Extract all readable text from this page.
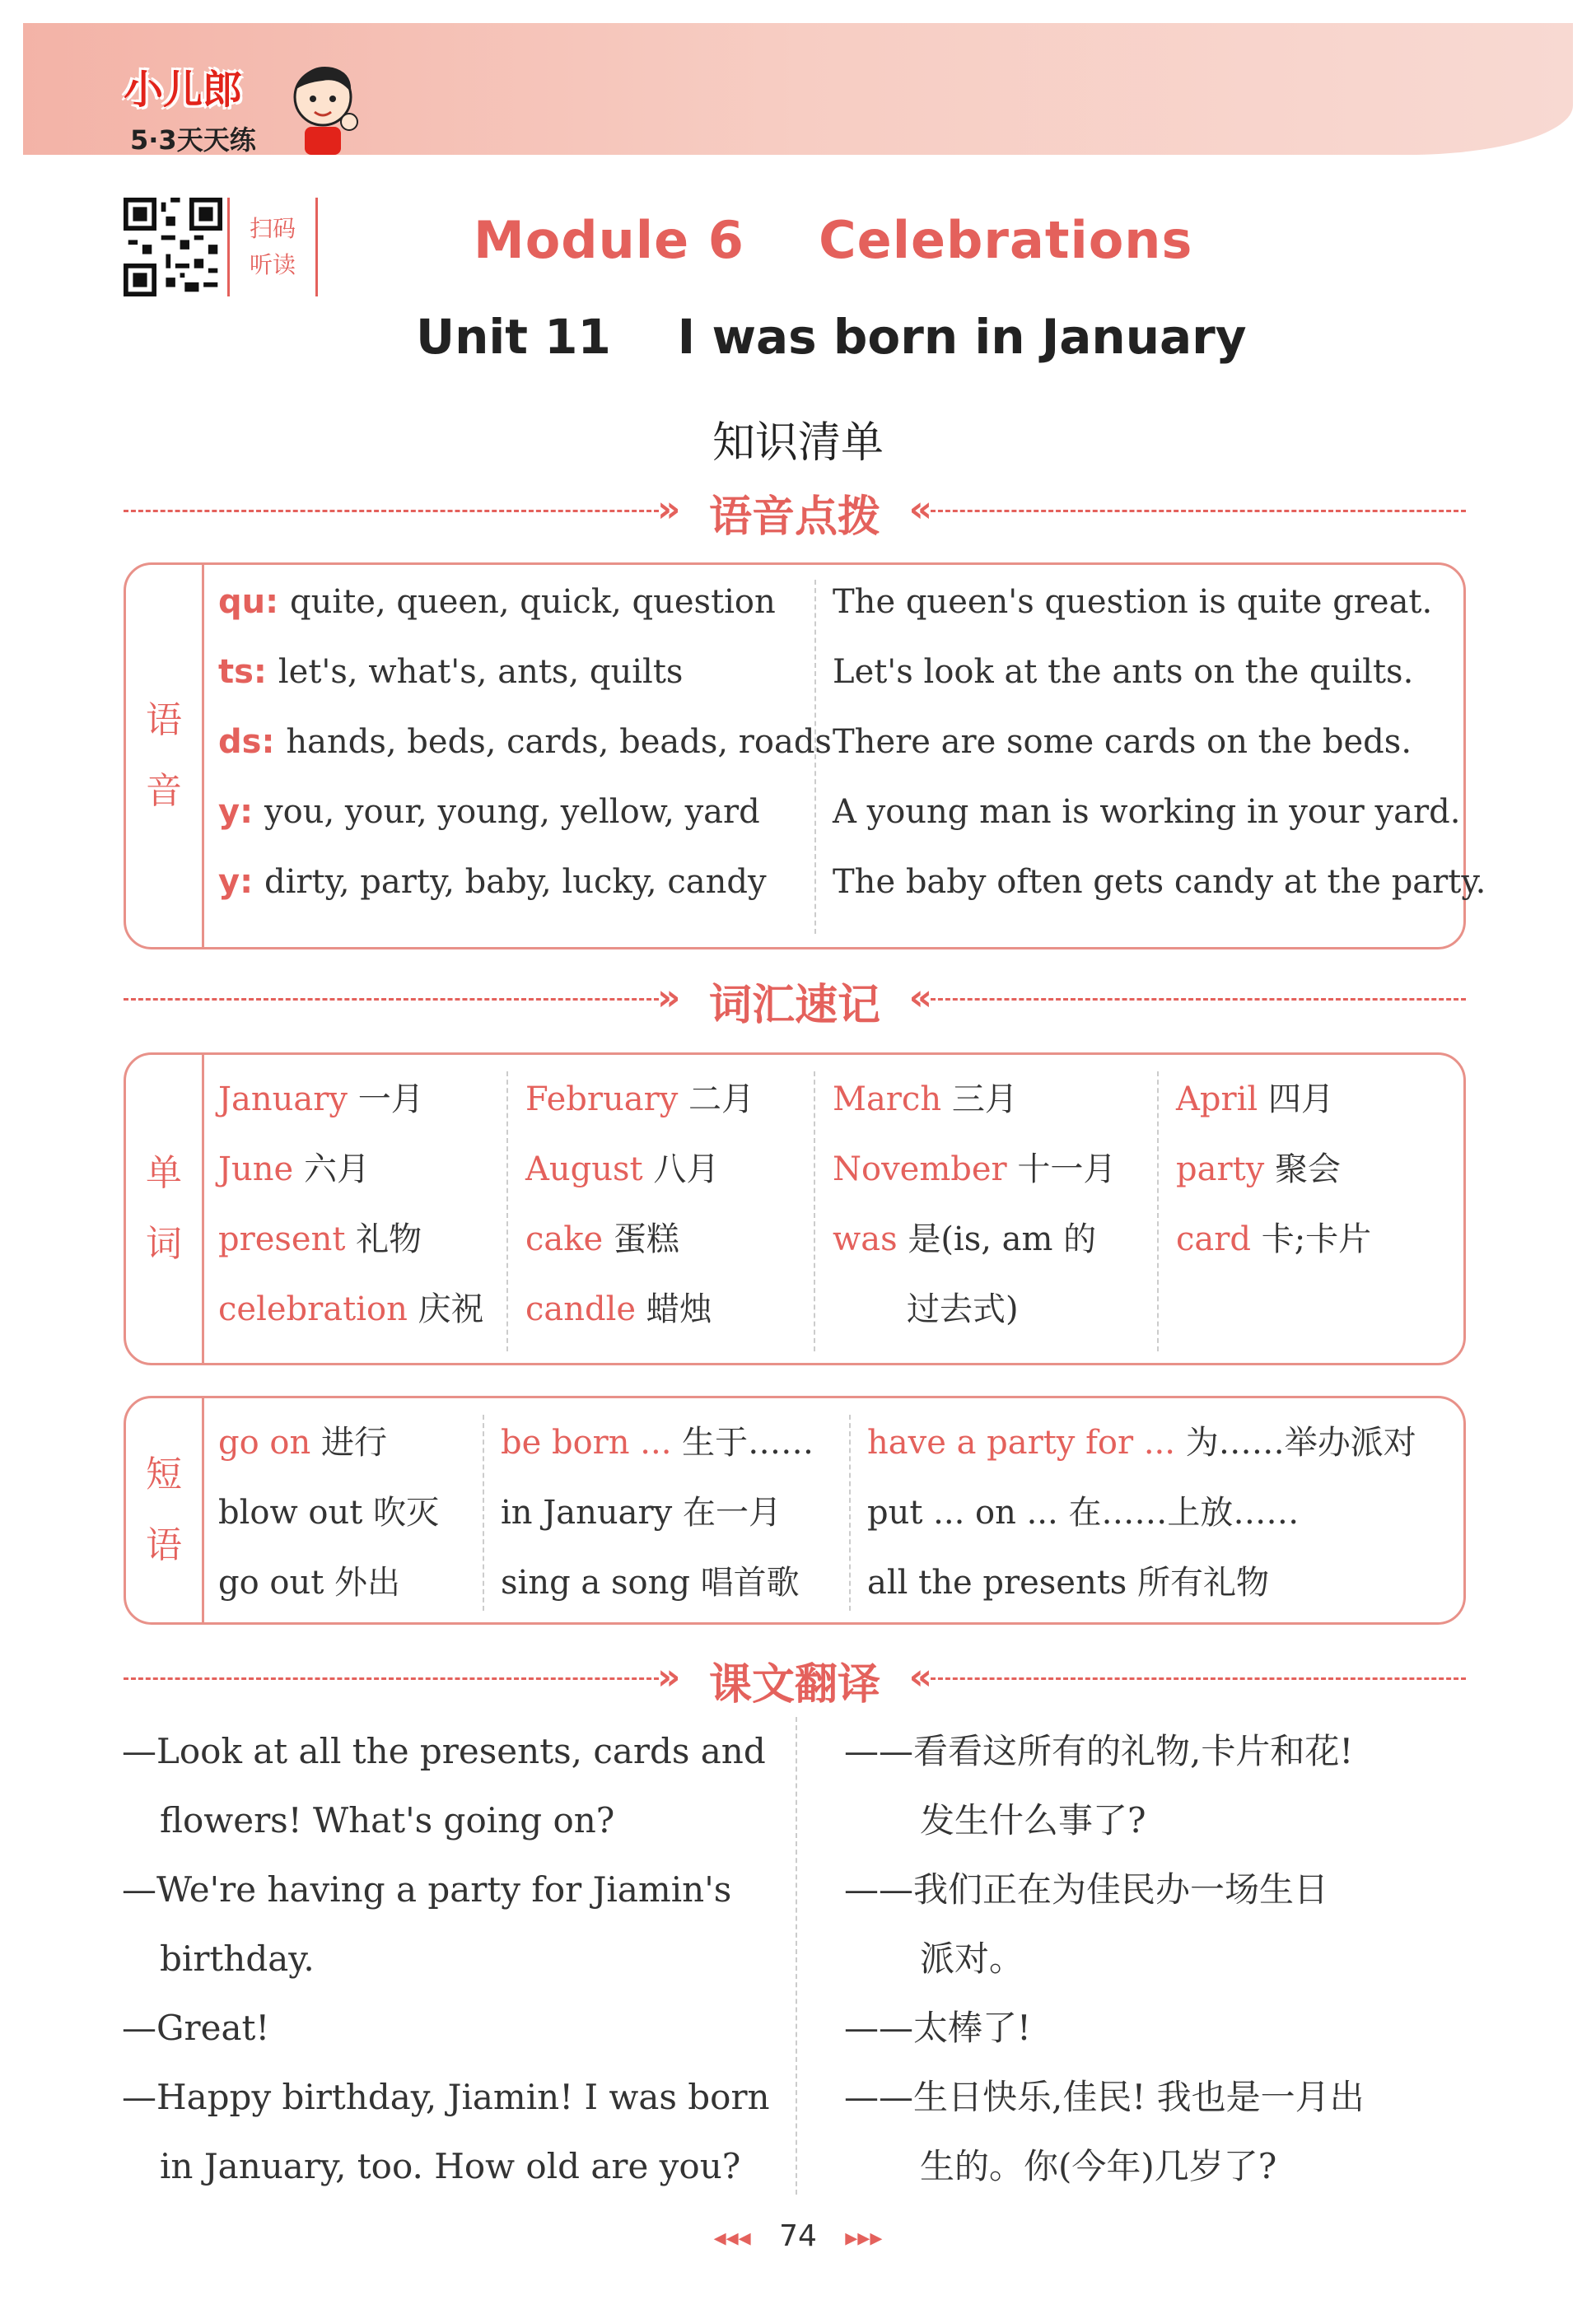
小儿郎
5·3天天练
扫码
听读	Module 6    Celebrations
Unit 11    I was born in January
知识清单
» 语音点拨 «
语
音
qu: quite, queen, quick, question The queen's question is quite great.
ts: let's, what's, ants, quilts	Let's look at the ants on the quilts.
ds: hands, beds, cards, beads, roads There are some cards on the beds.
y: you, your, young, yellow, yard A young man is working in your yard.
y: dirty, party, baby, lucky, candy The baby often gets candy at the party.
» 词汇速记 «
单
词
January 一月
June 六月
present 礼物
celebration 庆祝
February 二月
August 八月
cake 蛋糕
candle 蜡烛
March 三月
November 十一月
was 是(is, am 的
过去式)
April 四月
party 聚会
card 卡;卡片
短
语
go on 进行
blow out 吹灭
go out 外出
be born ... 生于……
in January 在一月
sing a song 唱首歌
have a party for ... 为……举办派对
put ... on ... 在……上放……
all the presents 所有礼物
» 课文翻译 «
—Look at all the presents, cards and
flowers! What's going on?
—We're having a party for Jiamin's
birthday.
—Great!
—Happy birthday, Jiamin! I was born
in January, too. How old are you?
——看看这所有的礼物,卡片和花!
发生什么事了?
——我们正在为佳民办一场生日
派对。
——太棒了!
——生日快乐,佳民! 我也是一月出
生的。你(今年)几岁了?
◂◂◂ 74 ▸▸▸
